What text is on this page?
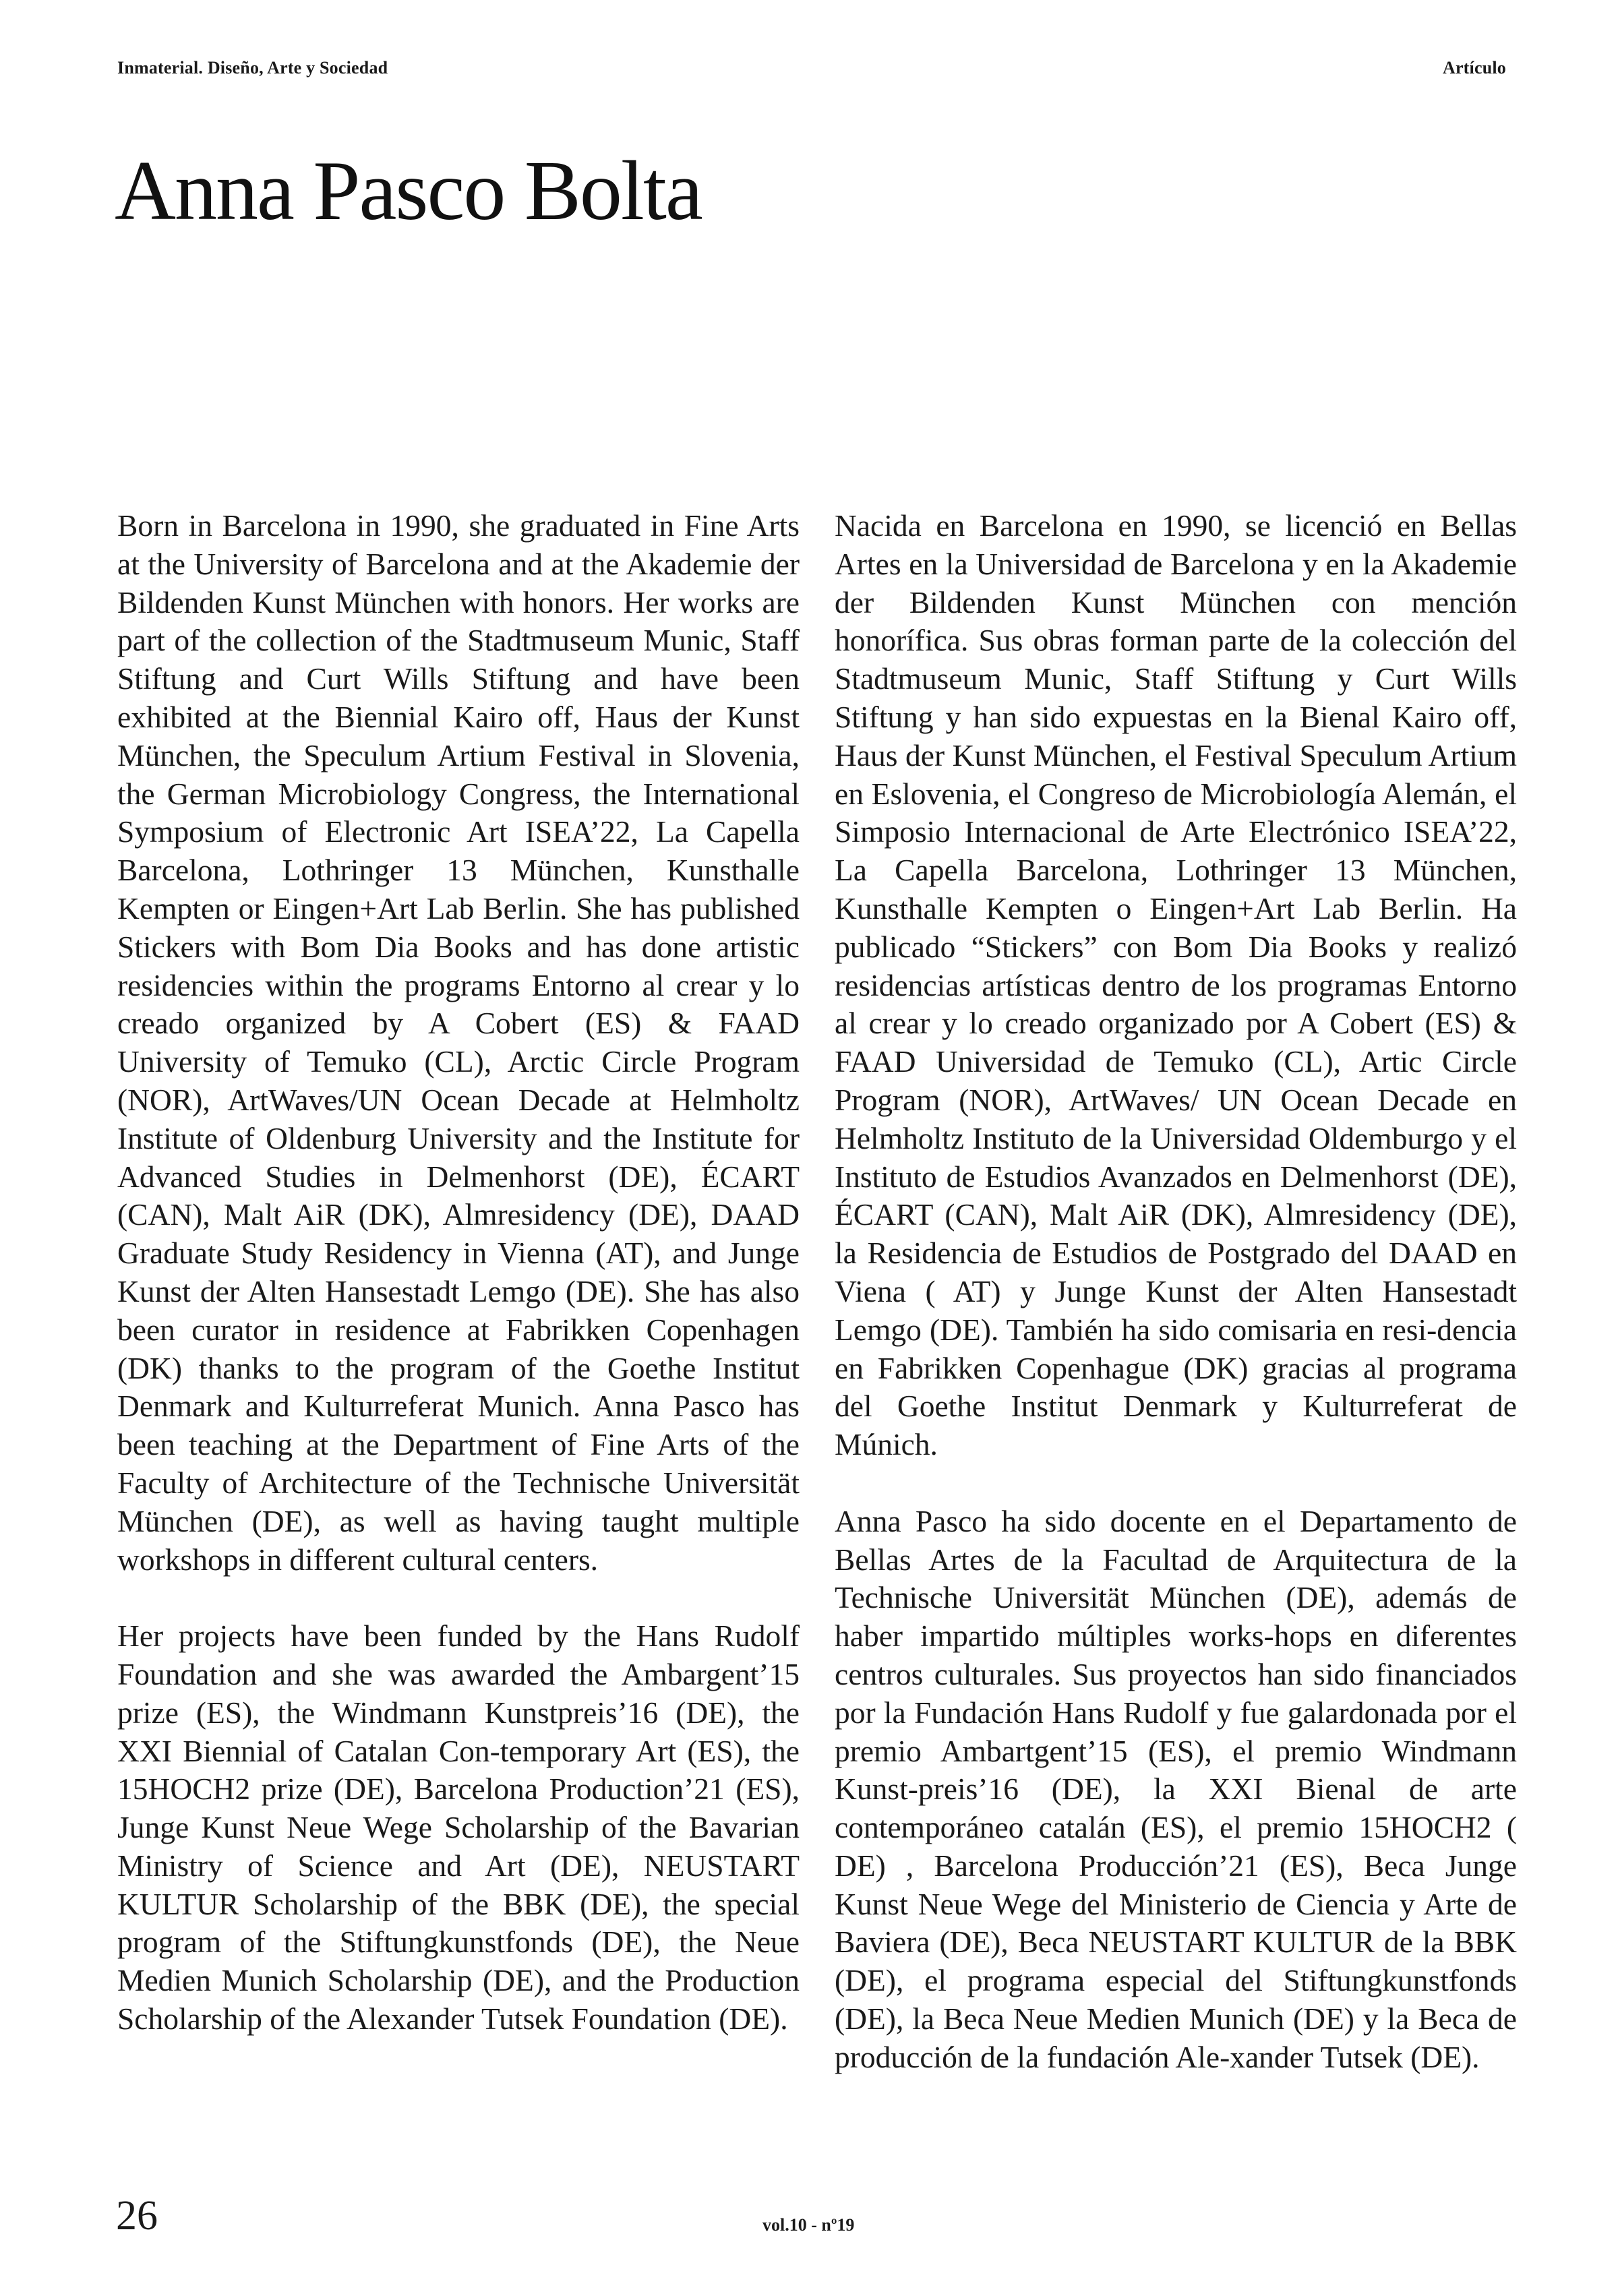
Inmaterial. Diseño, Arte y Sociedad	Artículo
Anna Pasco Bolta

Born in Barcelona in 1990, she graduated in Fine Arts at the University of Barcelona and at the Akademie der Bildenden Kunst München with honors. Her works are part of the collection of the Stadtmuseum Munic, Staff Stiftung and Curt Wills Stiftung and have been exhibited at the Biennial Kairo off, Haus der Kunst München, the Speculum Artium Festival in Slovenia, the German Microbiology Congress, the International Symposium of Electronic Art ISEA’22, La Capella Barcelona, Lothringer 13 München, Kunsthalle Kempten or Eingen+Art Lab Berlin. She has published Stickers with Bom Dia Books and has done artistic residencies within the programs Entorno al crear y lo creado organized by A Cobert (ES) & FAAD University of Temuko (CL), Arctic Circle Program (NOR), ArtWaves/UN Ocean Decade at Helmholtz Institute of Oldenburg University and the Institute for Advanced Studies in Delmenhorst (DE), ÉCART (CAN), Malt AiR (DK), Almresidency (DE), DAAD Graduate Study Residency in Vienna (AT), and Junge Kunst der Alten Hansestadt Lemgo (DE). She has also been curator in residence at Fabrikken Copenhagen (DK) thanks to the program of the Goethe Institut Denmark and Kulturreferat Munich. Anna Pasco has been teaching at the Department of Fine Arts of the Faculty of Architecture of the Technische Universität München (DE), as well as having taught multiple workshops in different cultural centers.

Her projects have been funded by the Hans Rudolf Foundation and she was awarded the Ambargent’15 prize (ES), the Windmann Kunstpreis’16 (DE), the XXI Biennial of Catalan Con-temporary Art (ES), the 15HOCH2 prize (DE), Barcelona Production’21 (ES), Junge Kunst Neue Wege Scholarship of the Bavarian Ministry of Science and Art (DE), NEUSTART KULTUR Scholarship of the BBK (DE), the special program of the Stiftungkunstfonds (DE), the Neue Medien Munich Scholarship (DE), and the Production Scholarship of the Alexander Tutsek Foundation (DE).

Nacida en Barcelona en 1990, se licenció en Bellas Artes en la Universidad de Barcelona y en la Akademie der Bildenden Kunst München con mención honorífica. Sus obras forman parte de la colección del Stadtmuseum Munic, Staff Stiftung y Curt Wills Stiftung y han sido expuestas en la Bienal Kairo off, Haus der Kunst München, el Festival Speculum Artium en Eslovenia, el Congreso de Microbiología Alemán, el Simposio Internacional de Arte Electrónico ISEA’22, La Capella Barcelona, Lothringer 13 München, Kunsthalle Kempten o Eingen+Art Lab Berlin. Ha publicado “Stickers” con Bom Dia Books y realizó residencias artísticas dentro de los programas Entorno al crear y lo creado organizado por A Cobert (ES) & FAAD Universidad de Temuko (CL), Artic Circle Program (NOR), ArtWaves/ UN Ocean Decade en Helmholtz Instituto de la Universidad Oldemburgo y el Instituto de Estudios Avanzados en Delmenhorst (DE), ÉCART (CAN), Malt AiR (DK), Almresidency (DE), la Residencia de Estudios de Postgrado del DAAD en Viena ( AT) y Junge Kunst der Alten Hansestadt Lemgo (DE). También ha sido comisaria en resi-dencia en Fabrikken Copenhague (DK) gracias al programa del Goethe Institut Denmark y Kulturreferat de Múnich.

Anna Pasco ha sido docente en el Departamento de Bellas Artes de la Facultad de Arquitectura de la Technische Universität München (DE), además de haber impartido múltiples works-hops en diferentes centros culturales. Sus proyectos han sido financiados por la Fundación Hans Rudolf y fue galardonada por el premio Ambartgent’15 (ES), el premio Windmann Kunst-preis’16 (DE), la XXI Bienal de arte contemporáneo catalán (ES), el premio 15HOCH2 ( DE) , Barcelona Producción’21 (ES), Beca Junge Kunst Neue Wege del Ministerio de Ciencia y Arte de Baviera (DE), Beca NEUSTART KULTUR de la BBK (DE), el programa especial del Stiftungkunstfonds (DE), la Beca Neue Medien Munich (DE) y la Beca de producción de la fundación Ale-xander Tutsek (DE).

26	vol.10 - nº19
